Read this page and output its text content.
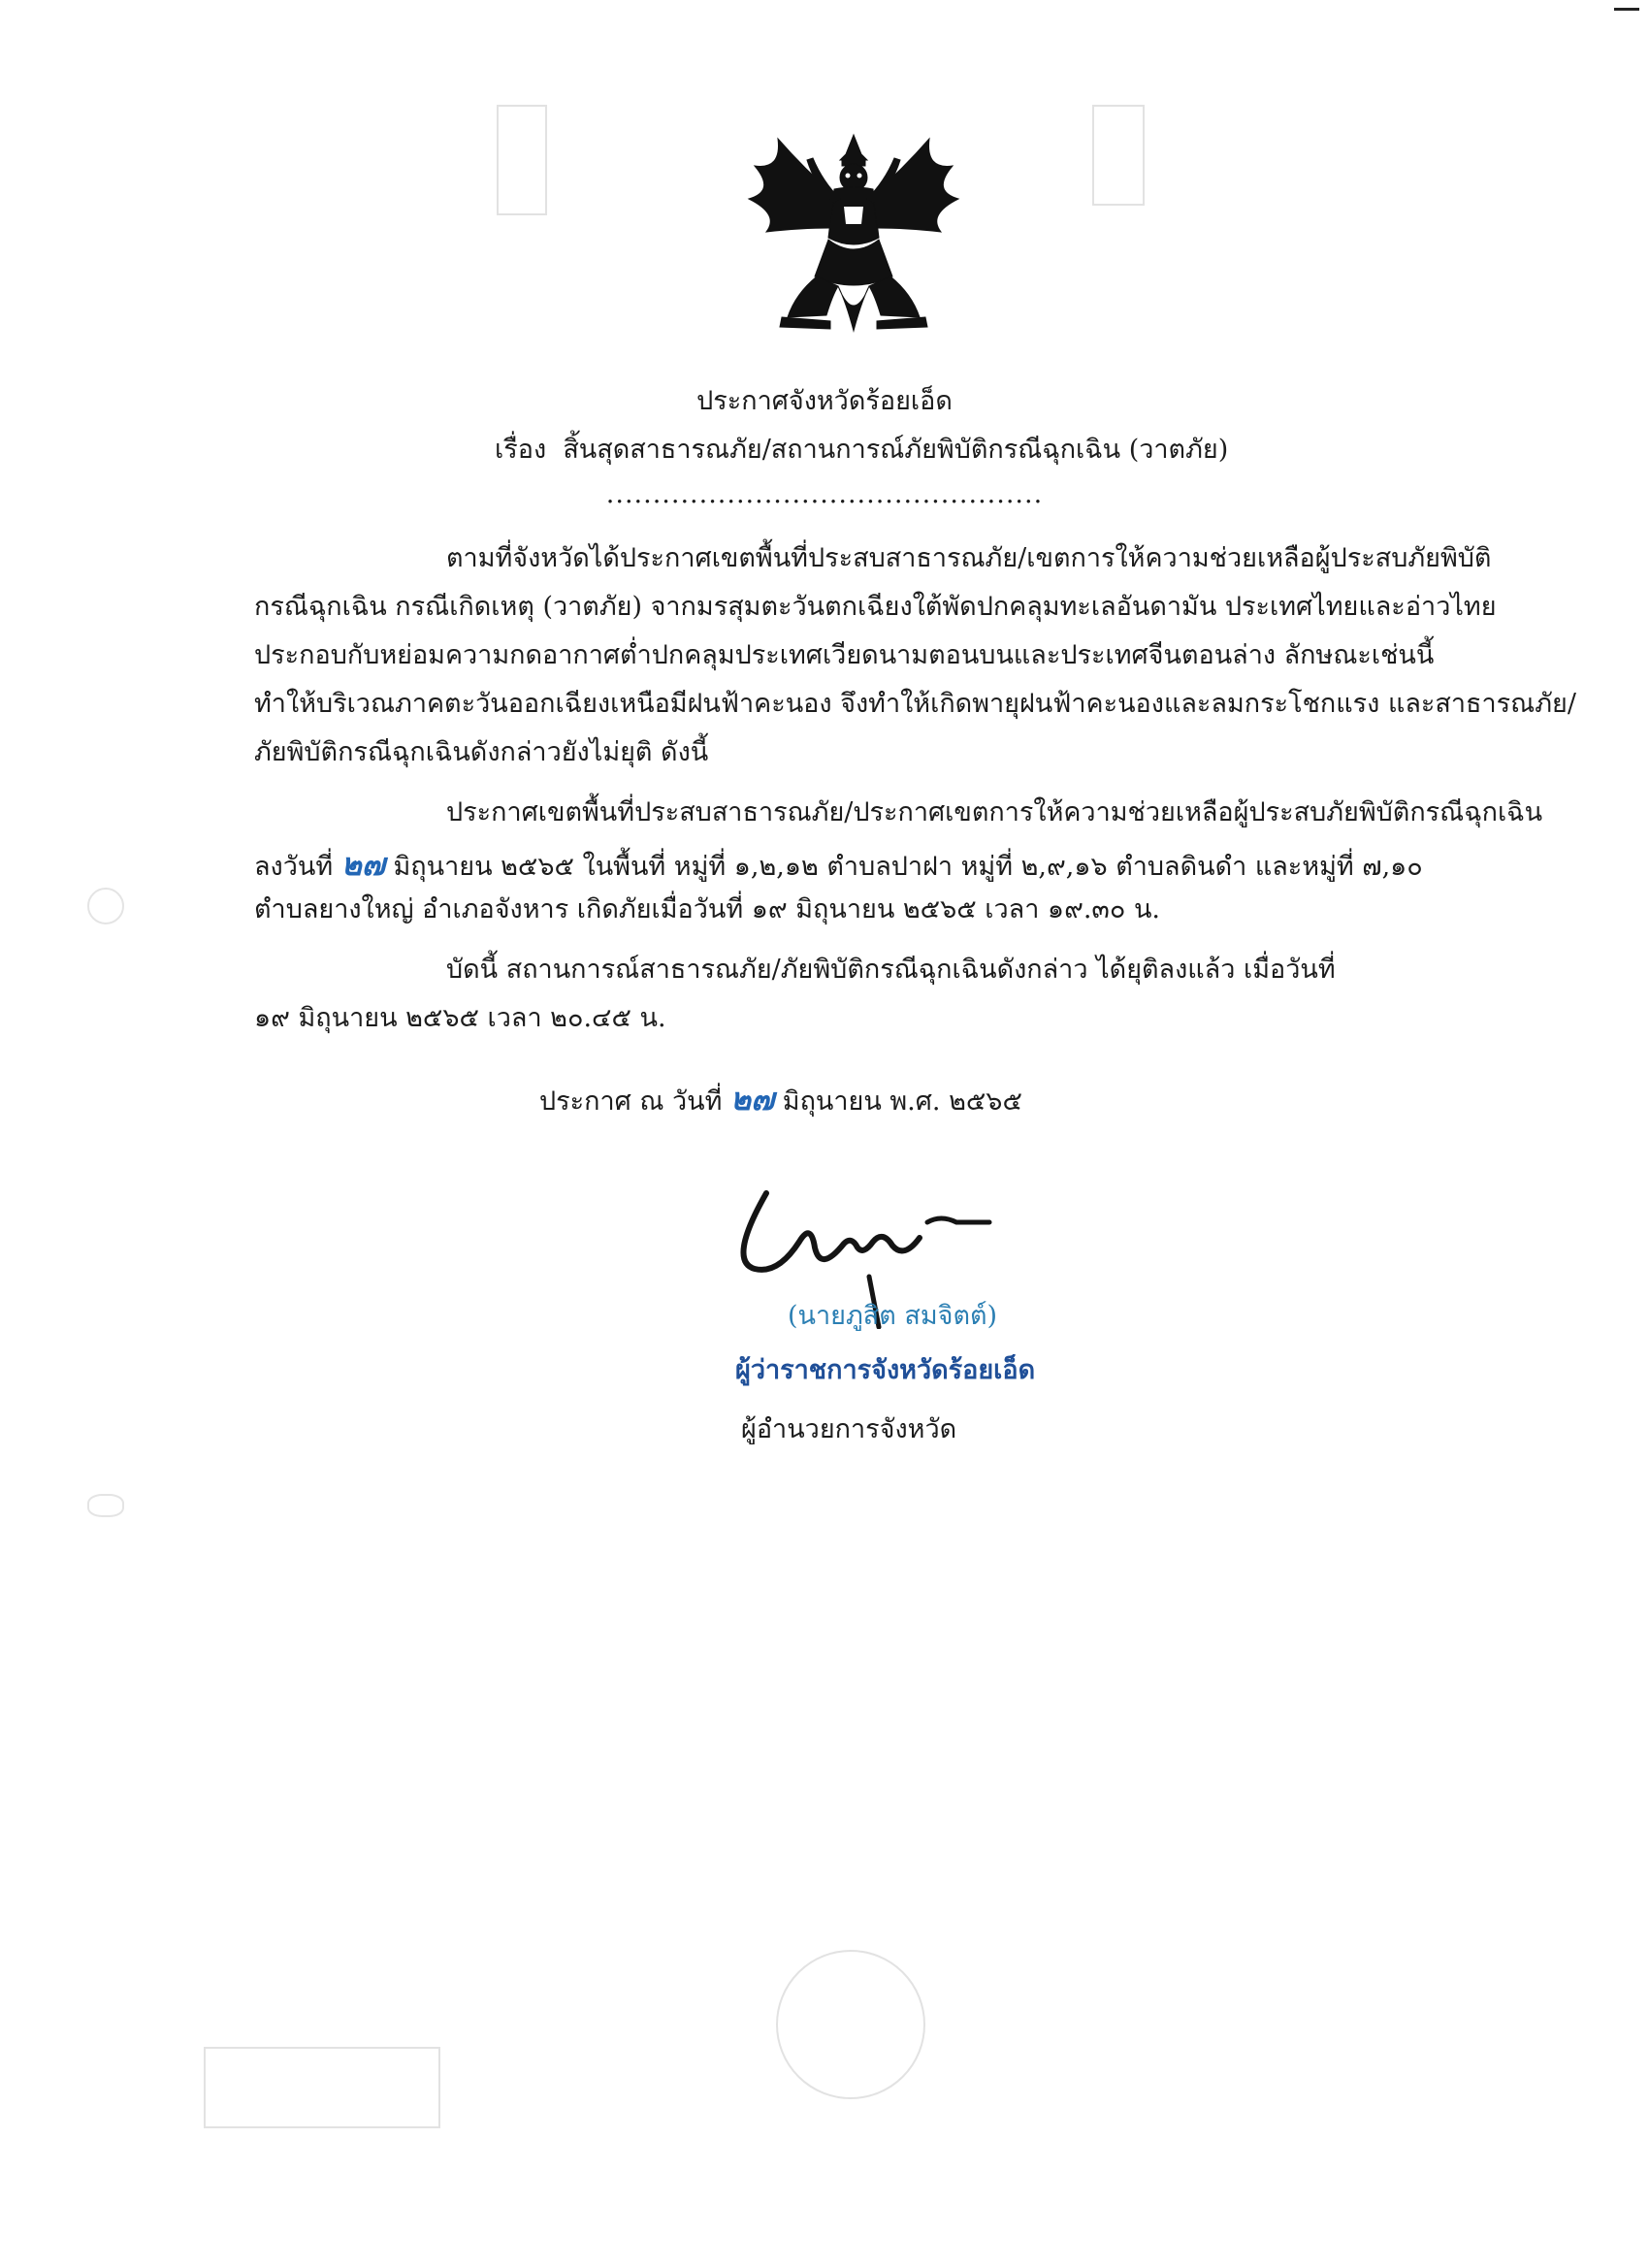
ประกาศจังหวัดร้อยเอ็ด
เรื่อง สิ้นสุดสาธารณภัย/สถานการณ์ภัยพิบัติกรณีฉุกเฉิน (วาตภัย)
...............................................
ตามที่จังหวัดได้ประกาศเขตพื้นที่ประสบสาธารณภัย/เขตการให้ความช่วยเหลือผู้ประสบภัยพิบัติ
กรณีฉุกเฉิน กรณีเกิดเหตุ (วาตภัย) จากมรสุมตะวันตกเฉียงใต้พัดปกคลุมทะเลอันดามัน ประเทศไทยและอ่าวไทย
ประกอบกับหย่อมความกดอากาศต่ำปกคลุมประเทศเวียดนามตอนบนและประเทศจีนตอนล่าง ลักษณะเช่นนี้
ทำให้บริเวณภาคตะวันออกเฉียงเหนือมีฝนฟ้าคะนอง จึงทำให้เกิดพายุฝนฟ้าคะนองและลมกระโชกแรง และสาธารณภัย/
ภัยพิบัติกรณีฉุกเฉินดังกล่าวยังไม่ยุติ ดังนี้
ประกาศเขตพื้นที่ประสบสาธารณภัย/ประกาศเขตการให้ความช่วยเหลือผู้ประสบภัยพิบัติกรณีฉุกเฉิน
ลงวันที่ ๒๗ มิถุนายน ๒๕๖๕ ในพื้นที่ หมู่ที่ ๑,๒,๑๒ ตำบลปาฝา หมู่ที่ ๒,๙,๑๖ ตำบลดินดำ และหมู่ที่ ๗,๑๐
ตำบลยางใหญ่ อำเภอจังหาร เกิดภัยเมื่อวันที่ ๑๙ มิถุนายน ๒๕๖๕ เวลา ๑๙.๓๐ น.
บัดนี้ สถานการณ์สาธารณภัย/ภัยพิบัติกรณีฉุกเฉินดังกล่าว ได้ยุติลงแล้ว เมื่อวันที่
๑๙ มิถุนายน ๒๕๖๕ เวลา ๒๐.๔๕ น.
ประกาศ ณ วันที่ ๒๗ มิถุนายน พ.ศ. ๒๕๖๕
(นายภูสิต สมจิตต์)
ผู้ว่าราชการจังหวัดร้อยเอ็ด
ผู้อำนวยการจังหวัด
